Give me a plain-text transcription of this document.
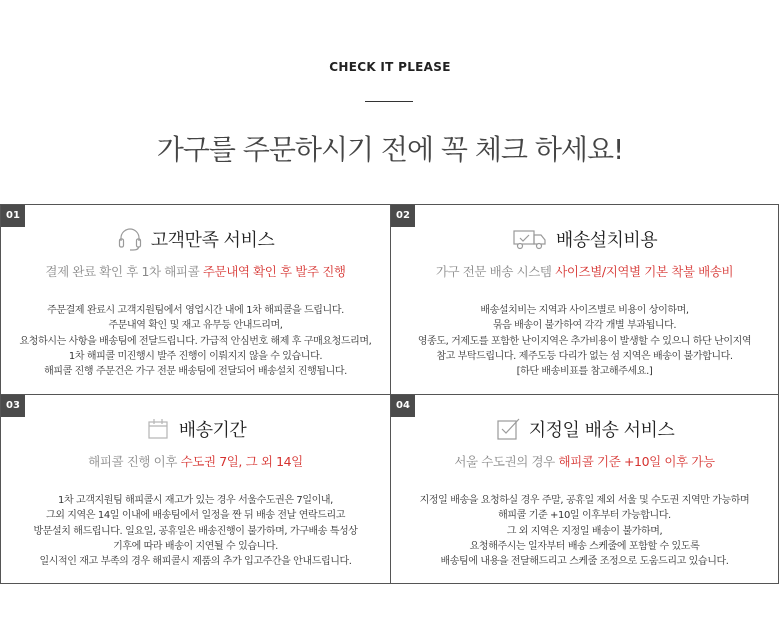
CHECK IT PLEASE
가구를 주문하시기 전에 꼭 체크 하세요!
01
고객만족 서비스
결제 완료 확인 후 1차 해피콜 주문내역 확인 후 발주 진행
주문결제 완료시 고객지원팀에서 영업시간 내에 1차 해피콜을 드립니다.
주문내역 확인 및 재고 유무등 안내드리며,
요청하시는 사항을 배송팀에 전달드립니다. 가급적 안심번호 해제 후 구매요청드리며,
1차 해피콜 미진행시 발주 진행이 이뤄지지 않을 수 있습니다.
해피콜 진행 주문건은 가구 전문 배송팀에 전달되어 배송설치 진행됩니다.
02
배송설치비용
가구 전문 배송 시스템 사이즈별/지역별 기본 착불 배송비
배송설치비는 지역과 사이즈별로 비용이 상이하며,
묶음 배송이 불가하여 각각 개별 부과됩니다.
영종도, 거제도를 포함한 난이지역은 추가비용이 발생할 수 있으니 하단 난이지역
참고 부탁드립니다. 제주도등 다리가 없는 섬 지역은 배송이 불가합니다.
[하단 배송비표를 참고해주세요.]
03
배송기간
해피콜 진행 이후 수도권 7일, 그 외 14일
1차 고객지원팀 해피콜시 재고가 있는 경우 서울수도권은 7일이내,
그외 지역은 14일 이내에 배송팀에서 일정을 짠 뒤 배송 전날 연락드리고
방문설치 해드립니다. 일요일, 공휴일은 배송진행이 불가하며, 가구배송 특성상
기후에 따라 배송이 지연될 수 있습니다.
일시적인 재고 부족의 경우 해피콜시 제품의 추가 입고주간을 안내드립니다.
04
지정일 배송 서비스
서울 수도권의 경우 해피콜 기준 +10일 이후 가능
지정일 배송을 요청하실 경우 주말, 공휴일 제외 서울 및 수도권 지역만 가능하며
해피콜 기준 +10일 이후부터 가능합니다.
그 외 지역은 지정일 배송이 불가하며,
요청해주시는 일자부터 배송 스케줄에 포함할 수 있도록
배송팀에 내용을 전달해드리고 스케줄 조정으로 도움드리고 있습니다.
